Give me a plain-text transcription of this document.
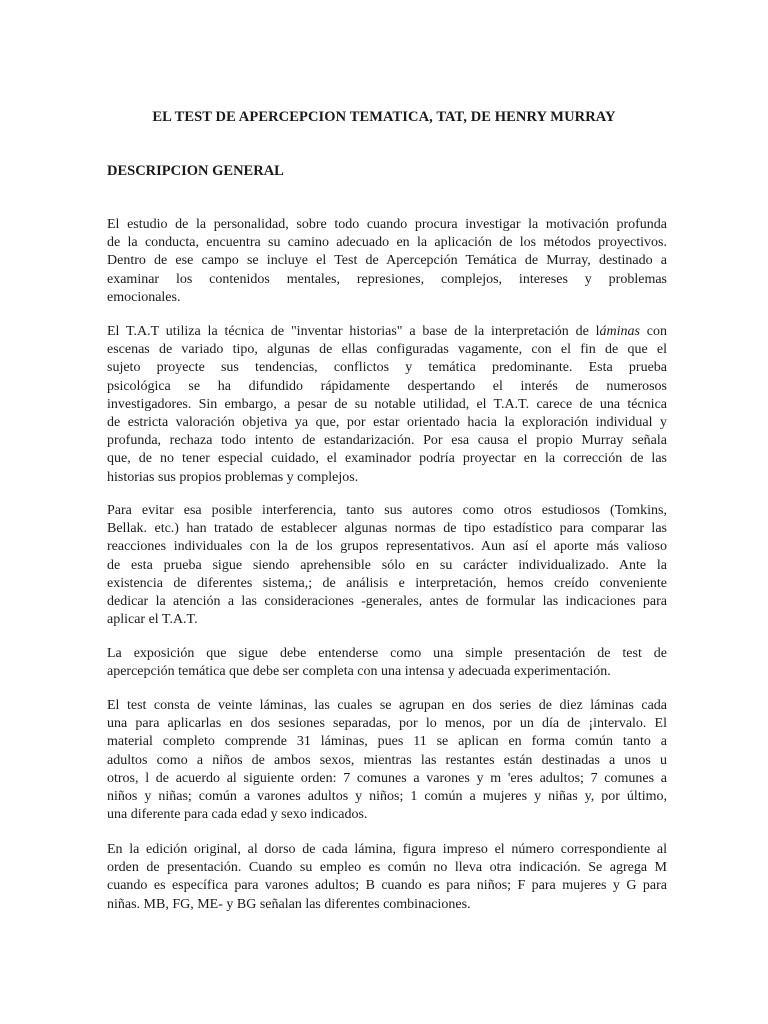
EL TEST DE APERCEPCION TEMATICA, TAT, DE HENRY MURRAY
DESCRIPCION GENERAL
El estudio de la personalidad, sobre todo cuando procura investigar la motivación profunda
de la conducta, encuentra su camino adecuado en la aplicación de los métodos proyectivos.
Dentro de ese campo se incluye el Test de Apercepción Temática de Murray, destinado a
examinar los contenidos mentales, represiones, complejos, intereses y problemas
emocionales.
El T.A.T utiliza la técnica de "inventar historias" a base de la interpretación de láminas con
escenas de variado tipo, algunas de ellas configuradas vagamente, con el fin de que el
sujeto proyecte sus tendencias, conflictos y temática predominante. Esta prueba
psicológica se ha difundido rápidamente despertando el interés de numerosos
investigadores. Sin embargo, a pesar de su notable utilidad, el T.A.T. carece de una técnica
de estricta valoración objetiva ya que, por estar orientado hacia la exploración individual y
profunda, rechaza todo intento de estandarización. Por esa causa el propio Murray señala
que, de no tener especial cuidado, el examinador podría proyectar en la corrección de las
historias sus propios problemas y complejos.
Para evitar esa posible interferencia, tanto sus autores como otros estudiosos (Tomkins,
Bellak. etc.) han tratado de establecer algunas normas de tipo estadístico para comparar las
reacciones individuales con la de los grupos representativos. Aun así el aporte más valioso
de esta prueba sigue siendo aprehensible sólo en su carácter individualizado. Ante la
existencia de diferentes sistema,; de análisis e interpretación, hemos creído conveniente
dedicar la atención a las consideraciones -generales, antes de formular las indicaciones para
aplicar el T.A.T.
La exposición que sigue debe entenderse como una simple presentación de test de
apercepción temática que debe ser completa con una intensa y adecuada experimentación.
El test consta de veinte láminas, las cuales se agrupan en dos series de diez láminas cada
una para aplicarlas en dos sesiones separadas, por lo menos, por un día de ¡intervalo. El
material completo comprende 31 láminas, pues 11 se aplican en forma común tanto a
adultos como a niños de ambos sexos, mientras las restantes están destinadas a unos u
otros, l de acuerdo al siguiente orden: 7 comunes a varones y m 'eres adultos; 7 comunes a
niños y niñas; común a varones adultos y niños; 1 común a mujeres y niñas y, por último,
una diferente para cada edad y sexo indicados.
En la edición original, al dorso de cada lámina, figura impreso el número correspondiente al
orden de presentación. Cuando su empleo es común no lleva otra indicación. Se agrega M
cuando es específica para varones adultos; B cuando es para niños; F para mujeres y G para
niñas. MB, FG, ME- y BG señalan las diferentes combinaciones.
